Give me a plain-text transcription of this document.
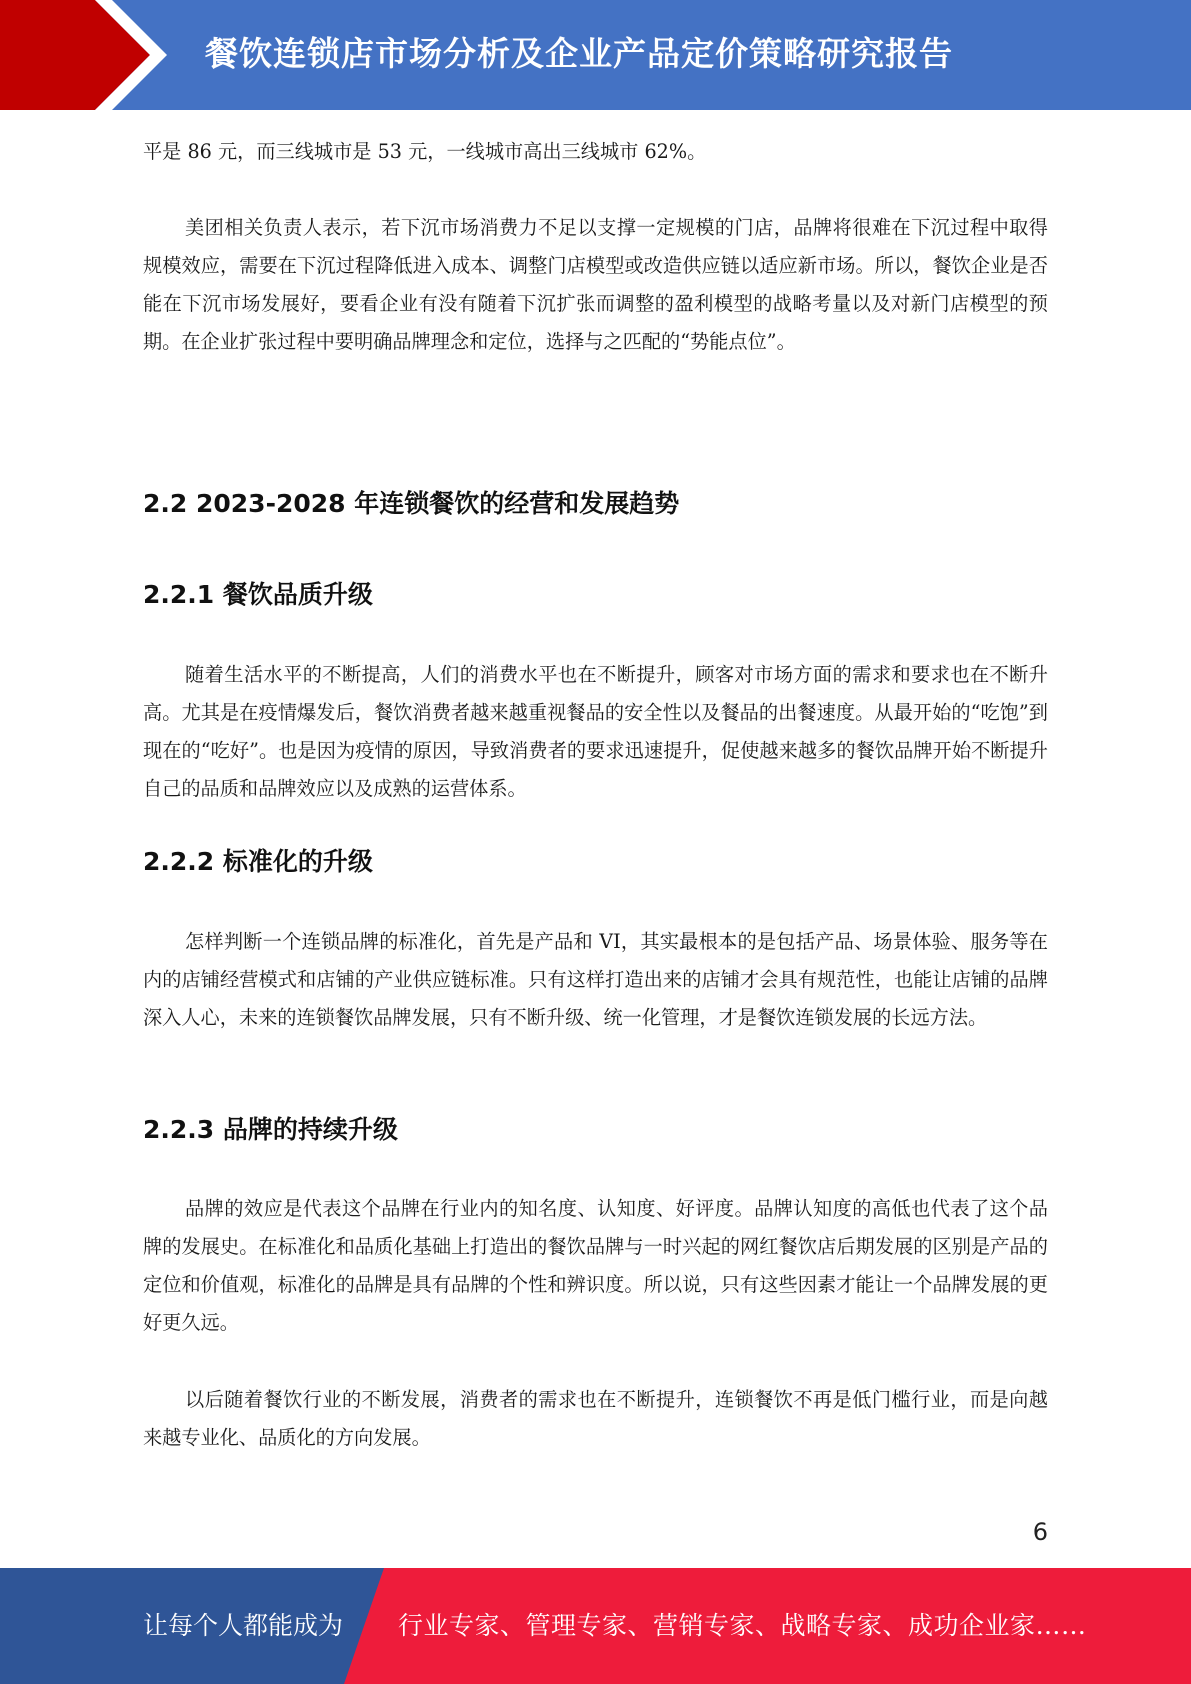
餐饮连锁店市场分析及企业产品定价策略研究报告

平是 86 元，而三线城市是 53 元，一线城市高出三线城市 62%。

美团相关负责人表示，若下沉市场消费力不足以支撑一定规模的门店，品牌将很难在下沉过程中取得规模效应，需要在下沉过程降低进入成本、调整门店模型或改造供应链以适应新市场。所以，餐饮企业是否能在下沉市场发展好，要看企业有没有随着下沉扩张而调整的盈利模型的战略考量以及对新门店模型的预期。在企业扩张过程中要明确品牌理念和定位，选择与之匹配的“势能点位”。

2.2 2023-2028 年连锁餐饮的经营和发展趋势
2.2.1 餐饮品质升级

随着生活水平的不断提高，人们的消费水平也在不断提升，顾客对市场方面的需求和要求也在不断升高。尤其是在疫情爆发后，餐饮消费者越来越重视餐品的安全性以及餐品的出餐速度。从最开始的“吃饱”到现在的“吃好”。也是因为疫情的原因，导致消费者的要求迅速提升，促使越来越多的餐饮品牌开始不断提升自己的品质和品牌效应以及成熟的运营体系。

2.2.2 标准化的升级

怎样判断一个连锁品牌的标准化，首先是产品和 VI，其实最根本的是包括产品、场景体验、服务等在内的店铺经营模式和店铺的产业供应链标准。只有这样打造出来的店铺才会具有规范性，也能让店铺的品牌深入人心，未来的连锁餐饮品牌发展，只有不断升级、统一化管理，才是餐饮连锁发展的长远方法。

2.2.3 品牌的持续升级

品牌的效应是代表这个品牌在行业内的知名度、认知度、好评度。品牌认知度的高低也代表了这个品牌的发展史。在标准化和品质化基础上打造出的餐饮品牌与一时兴起的网红餐饮店后期发展的区别是产品的定位和价值观，标准化的品牌是具有品牌的个性和辨识度。所以说，只有这些因素才能让一个品牌发展的更好更久远。

以后随着餐饮行业的不断发展，消费者的需求也在不断提升，连锁餐饮不再是低门槛行业，而是向越来越专业化、品质化的方向发展。

6
让每个人都能成为 行业专家、管理专家、营销专家、战略专家、成功企业家……
